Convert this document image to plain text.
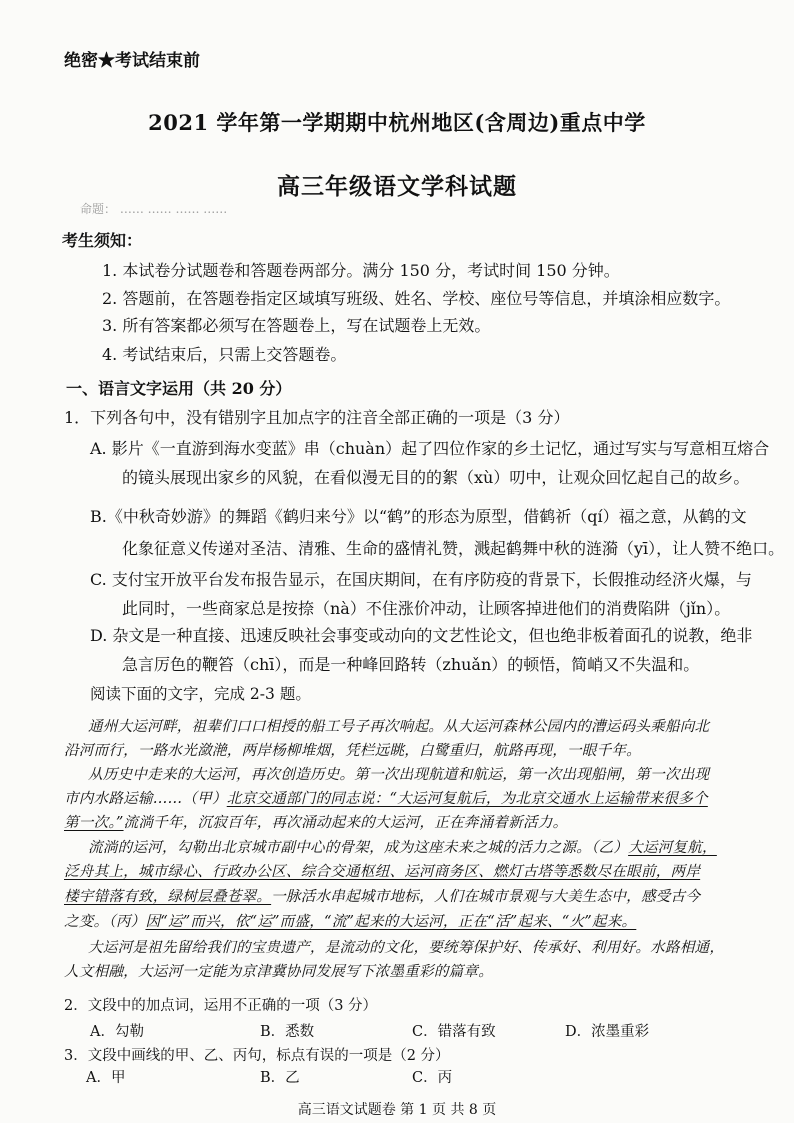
绝密★考试结束前
2021 学年第一学期期中杭州地区(含周边)重点中学
高三年级语文学科试题
命题： …… …… …… ……
考生须知：
1. 本试卷分试题卷和答题卷两部分。满分 150 分，考试时间 150 分钟。
2. 答题前，在答题卷指定区域填写班级、姓名、学校、座位号等信息，并填涂相应数字。
3. 所有答案都必须写在答题卷上，写在试题卷上无效。
4. 考试结束后，只需上交答题卷。
一、语言文字运用（共 20 分）
1．下列各句中，没有错别字且加点字的注音全部正确的一项是（3 分）
A. 影片《一直游到海水变蓝》串（chuàn）起了四位作家的乡土记忆，通过写实与写意相互熔合
的镜头展现出家乡的风貌，在看似漫无目的的絮（xù）叨中，让观众回忆起自己的故乡。
B.《中秋奇妙游》的舞蹈《鹤归来兮》以“鹤”的形态为原型，借鹤祈（qí）福之意，从鹤的文
化象征意义传递对圣洁、清雅、生命的盛情礼赞，溅起鹤舞中秋的涟漪（yī），让人赞不绝口。
C. 支付宝开放平台发布报告显示，在国庆期间，在有序防疫的背景下，长假推动经济火爆，与
此同时，一些商家总是按捺（nà）不住涨价冲动，让顾客掉进他们的消费陷阱（jǐn）。
D. 杂文是一种直接、迅速反映社会事变或动向的文艺性论文，但也绝非板着面孔的说教，绝非
急言厉色的鞭笞（chī），而是一种峰回路转（zhuǎn）的顿悟，简峭又不失温和。
阅读下面的文字，完成 2-3 题。
通州大运河畔，祖辈们口口相授的船工号子再次响起。从大运河森林公园内的漕运码头乘船向北
沿河而行，一路水光潋滟，两岸杨柳堆烟，凭栏远眺，白鹭重归，航路再现，一眼千年。
从历史中走来的大运河，再次创造历史。第一次出现航道和航运，第一次出现船闸，第一次出现
市内水路运输……（甲）北京交通部门的同志说：“大运河复航后，为北京交通水上运输带来很多个
第一次。”流淌千年，沉寂百年，再次涌动起来的大运河，正在奔涌着新活力。
流淌的运河，勾勒出北京城市副中心的骨架，成为这座未来之城的活力之源。（乙）大运河复航，
泛舟其上，城市绿心、行政办公区、综合交通枢纽、运河商务区、燃灯古塔等悉数尽在眼前，两岸
楼宇错落有致，绿树层叠苍翠。一脉活水串起城市地标，人们在城市景观与大美生态中，感受古今
之变。（丙）因“运”而兴，依“运”而盛，“流”起来的大运河，正在“活”起来、“火”起来。
大运河是祖先留给我们的宝贵遗产，是流动的文化，要统筹保护好、传承好、利用好。水路相通，
人文相融，大运河一定能为京津冀协同发展写下浓墨重彩的篇章。
2．文段中的加点词，运用不正确的一项（3 分）
A．勾勒	B．悉数	C．错落有致	D．浓墨重彩
3．文段中画线的甲、乙、丙句，标点有误的一项是（2 分）
A．甲	B．乙	C．丙
高三语文试题卷 第 1 页 共 8 页
